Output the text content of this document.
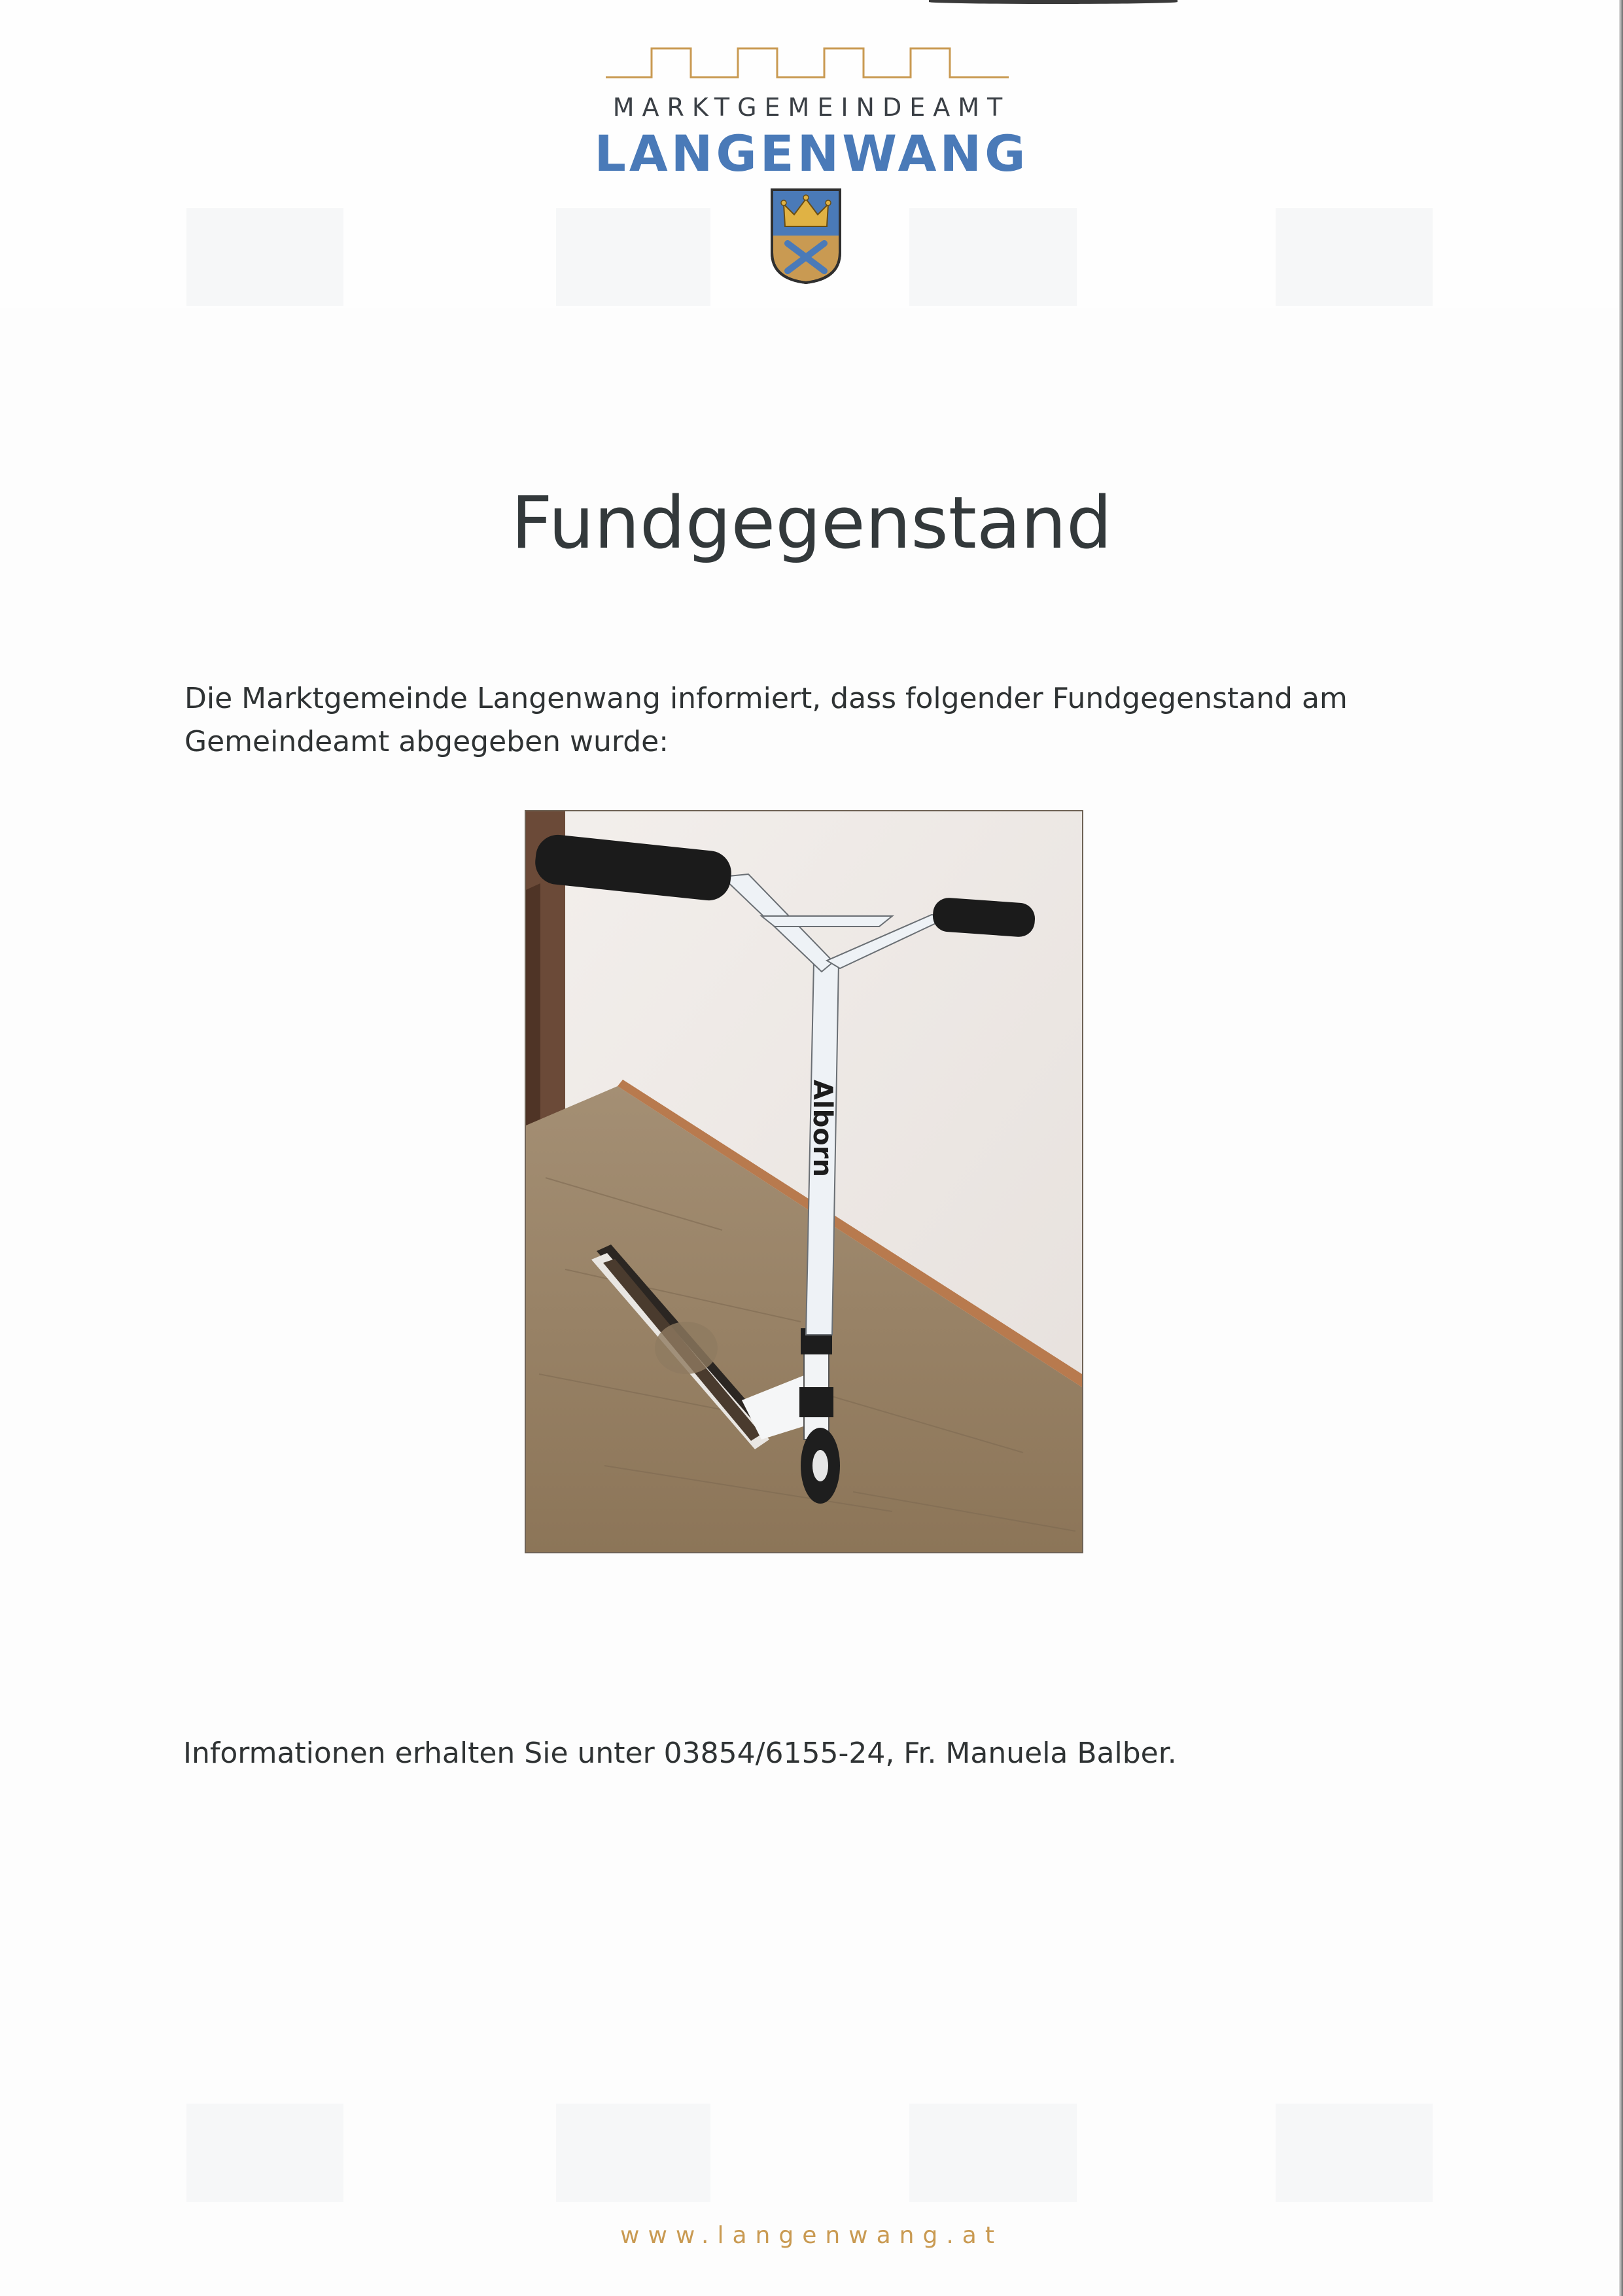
MARKTGEMEINDEAMT
LANGENWANG
Fundgegenstand
Die Marktgemeinde Langenwang informiert, dass folgender Fundgegenstand am Gemeindeamt abgegeben wurde:
Alborn
Informationen erhalten Sie unter 03854/6155-24, Fr. Manuela Balber.
www.langenwang.at
